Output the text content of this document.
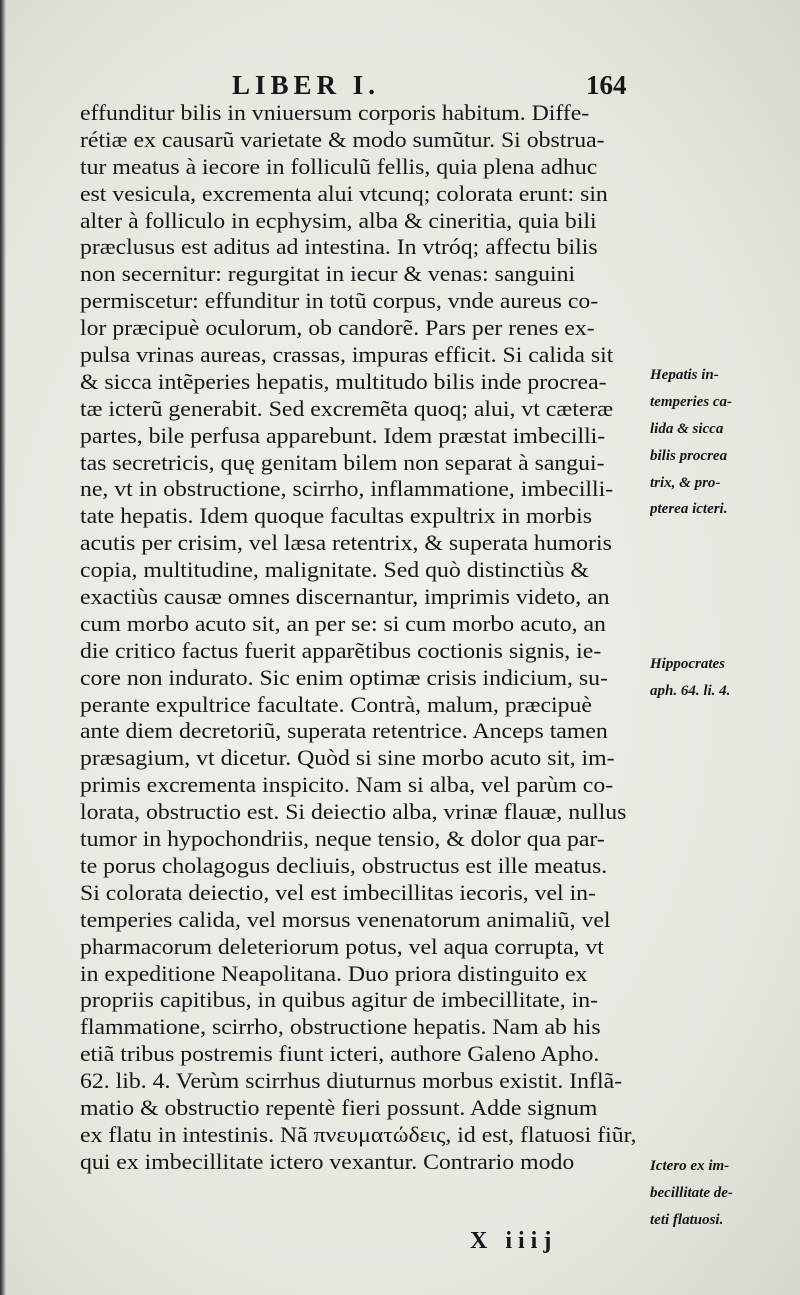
LIBER I.	164
effunditur bilis in vniuersum corporis habitum. Diffe-
rétiæ ex causarũ varietate & modo sumũtur. Si obstrua-
tur meatus à iecore in folliculũ fellis, quia plena adhuc
est vesicula, excrementa alui vtcunq; colorata erunt: sin
alter à folliculo in ecphysim, alba & cineritia, quia bili
præclusus est aditus ad intestina. In vtróq; affectu bilis
non secernitur: regurgitat in iecur & venas: sanguini
permiscetur: effunditur in totũ corpus, vnde aureus co-
lor præcipuè oculorum, ob candorẽ. Pars per renes ex-
pulsa vrinas aureas, crassas, impuras efficit. Si calida sit
& sicca intẽperies hepatis, multitudo bilis inde procrea-
tæ icterũ generabit. Sed excremẽta quoq; alui, vt cæteræ
partes, bile perfusa apparebunt. Idem præstat imbecilli-
tas secretricis, quę genitam bilem non separat à sangui-
ne, vt in obstructione, scirrho, inflammatione, imbecilli-
tate hepatis. Idem quoque facultas expultrix in morbis
acutis per crisim, vel læsa retentrix, & superata humoris
copia, multitudine, malignitate. Sed quò distinctiùs &
exactiùs causæ omnes discernantur, imprimis videto, an
cum morbo acuto sit, an per se: si cum morbo acuto, an
die critico factus fuerit apparẽtibus coctionis signis, ie-
core non indurato. Sic enim optimæ crisis indicium, su-
perante expultrice facultate. Contrà, malum, præcipuè
ante diem decretoriũ, superata retentrice. Anceps tamen
præsagium, vt dicetur. Quòd si sine morbo acuto sit, im-
primis excrementa inspicito. Nam si alba, vel parùm co-
lorata, obstructio est. Si deiectio alba, vrinæ flauæ, nullus
tumor in hypochondriis, neque tensio, & dolor qua par-
te porus cholagogus decliuis, obstructus est ille meatus.
Si colorata deiectio, vel est imbecillitas iecoris, vel in-
temperies calida, vel morsus venenatorum animaliũ, vel
pharmacorum deleteriorum potus, vel aqua corrupta, vt
in expeditione Neapolitana. Duo priora distinguito ex
propriis capitibus, in quibus agitur de imbecillitate, in-
flammatione, scirrho, obstructione hepatis. Nam ab his
etiã tribus postremis fiunt icteri, authore Galeno Apho.
62. lib. 4. Verùm scirrhus diuturnus morbus existit. Inflã-
matio & obstructio repentè fieri possunt. Adde signum
ex flatu in intestinis. Nã πνευματώδεις, id est, flatuosi fiũr,
qui ex imbecillitate ictero vexantur. Contrario modo
Hepatis in-
temperies ca-
lida & sicca
bilis procrea
trix, & pro-
pterea icteri.
Hippocrates
aph. 64. li. 4.
Ictero ex im-
becillitate de-
teti flatuosi.
X iiij
